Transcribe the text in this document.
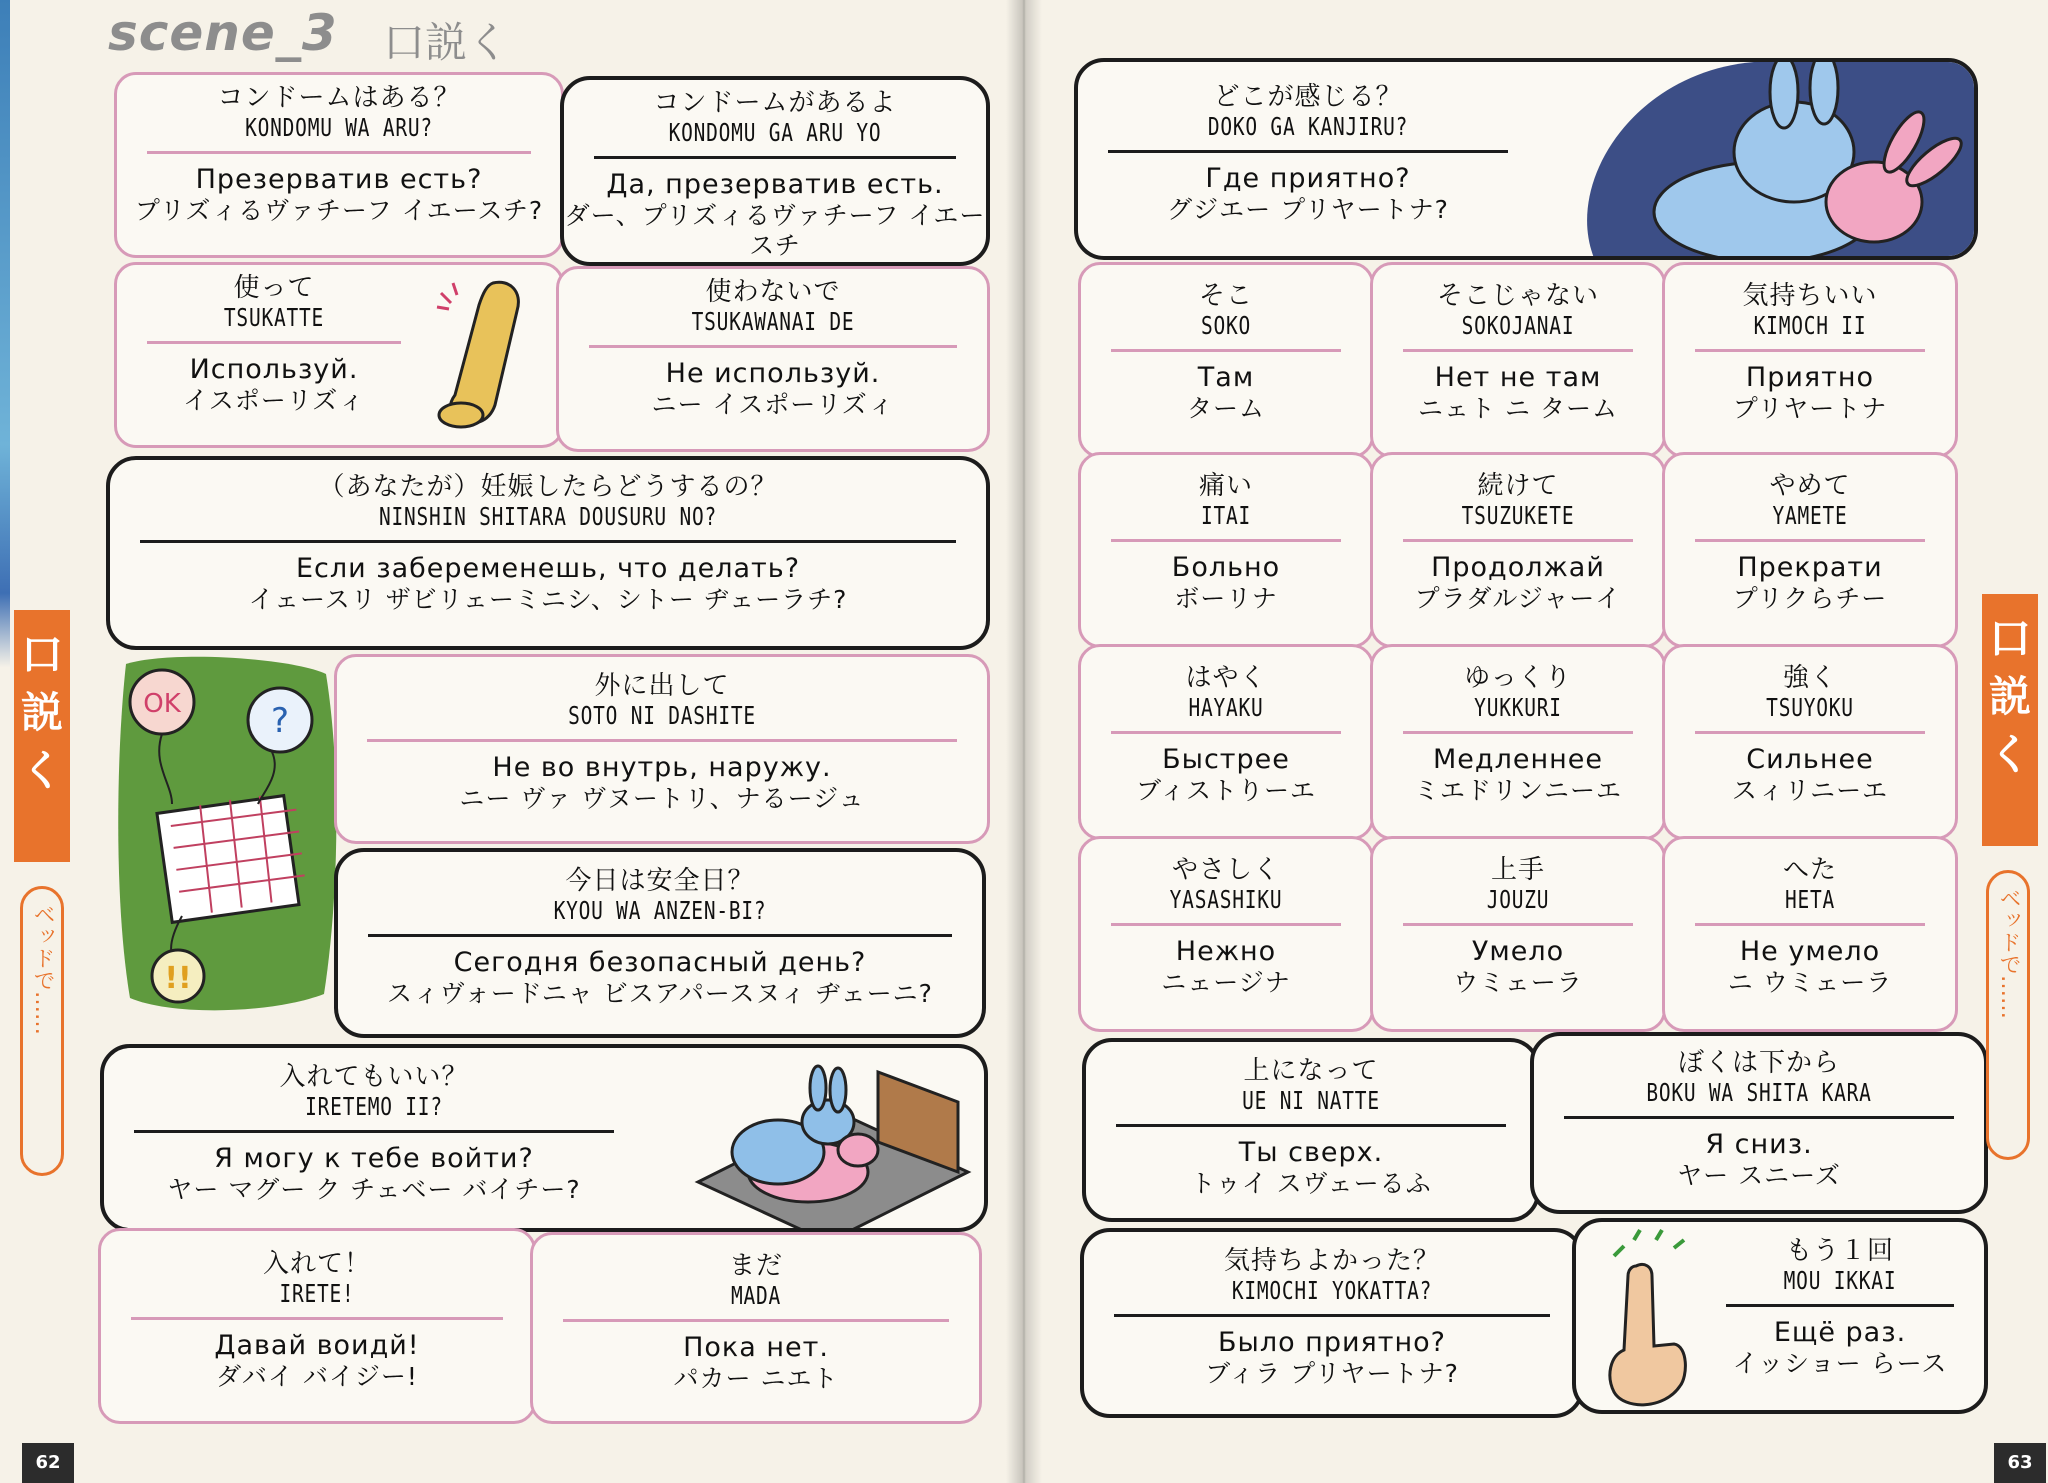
scene_3 口説く
コンドームはある？
KONDOMU WA ARU?
Презерватив есть?
プリズィるヴァチーフ イエースチ?
コンドームがあるよ
KONDOMU GA ARU YO
Да, презерватив есть.
ダー、プリズィるヴァチーフ イエースチ
使って
TSUKATTE
Используй.
イスポーリズィ
使わないで
TSUKAWANAI DE
Не используй.
ニー イスポーリズィ
（あなたが）妊娠したらどうするの？
NINSHIN SHITARA DOUSURU NO?
Если забеременешь, что делать?
イェースリ ザビリェーミニシ、シトー ヂェーラチ?
OK	?
!!
外に出して
SOTO NI DASHITE
Не во внутрь, наружу.
ニー ヴァ ヴヌートリ、ナるージュ
今日は安全日？
KYOU WA ANZEN-BI?
Сегодня безопасный день?
スィヴォードニャ ビスアパースヌィ ヂェーニ?
入れてもいい？
IRETEMO II?
Я могу к тебе войти?
ヤー マグー ク チェベー バイチー?
入れて！
IRETE!
Давай воидй!
ダバイ バイジー!
まだ
MADA
Пока нет.
パカー ニエト
口
説
く
ベッドで……
62
どこが感じる？
DOKO GA KANJIRU?
Где приятно?
グジエー プリヤートナ?
そこ
SOKO
Там
ターム
そこじゃない
SOKOJANAI
Нет не там
ニェト ニ ターム
気持ちいい
KIMOCH II
Приятно
プリヤートナ
痛い
ITAI
Больно
ボーリナ
続けて
TSUZUKETE
Продолжай
プラダルジャーイ
やめて
YAMETE
Прекрати
プリクらチー
はやく
HAYAKU
Быстрее
ブィストりーエ
ゆっくり
YUKKURI
Медленнее
ミエドリンニーエ
強く
TSUYOKU
Сильнее
スィリニーエ
やさしく
YASASHIKU
Нежно
ニェージナ
上手
JOUZU
Умело
ウミェーラ
へた
HETA
Не умело
ニ ウミェーラ
上になって
UE NI NATTE
Ты сверх.
トゥイ スヴェーるふ
ぼくは下から
BOKU WA SHITA KARA
Я сниз.
ヤー スニーズ
気持ちよかった？
KIMOCHI YOKATTA?
Было приятно?
ブィラ プリヤートナ?
もう１回
MOU IKKAI
Ещё раз.
イッショー らース
口
説
く
ベッドで……
63
